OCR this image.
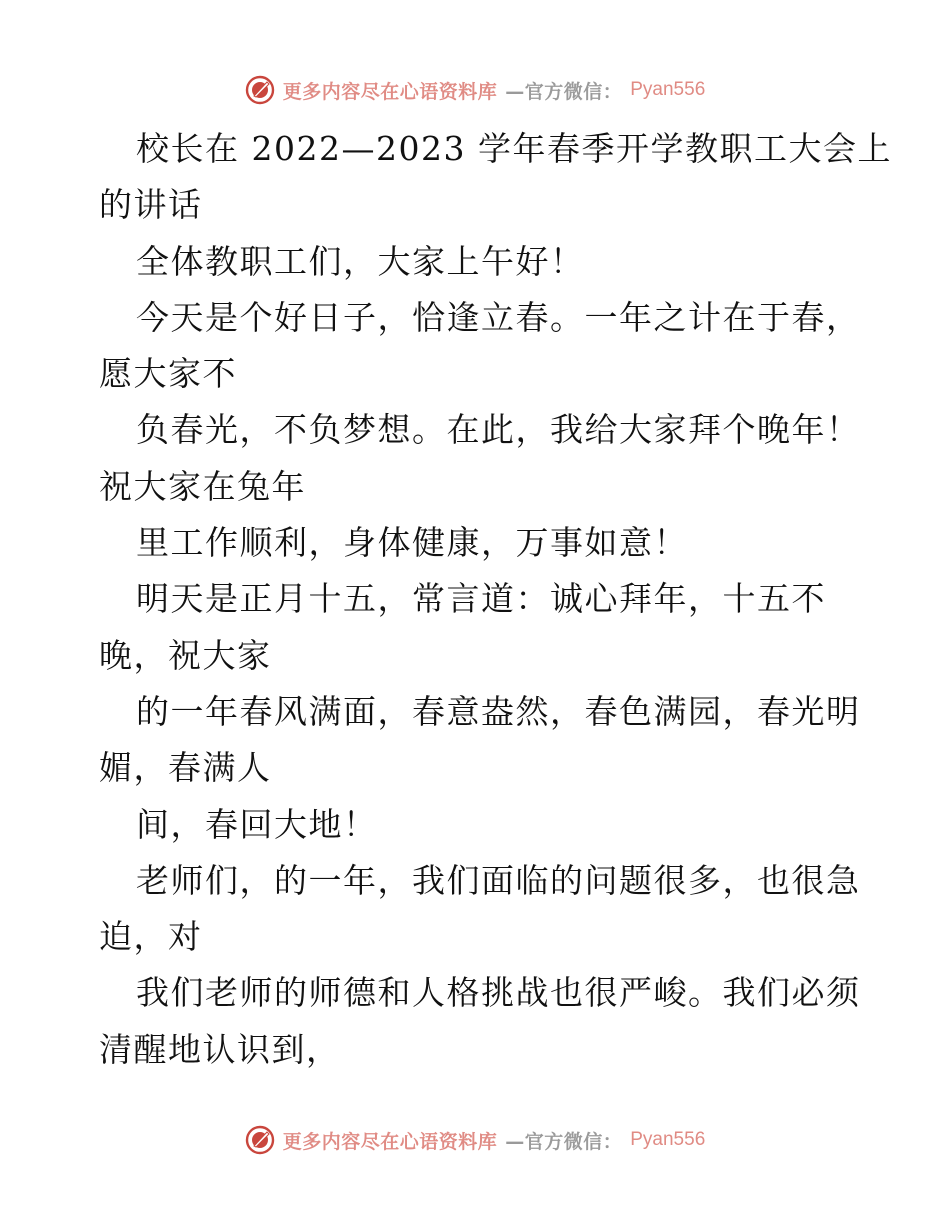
更多内容尽在心语资料库 —官方微信： Pyan556
校长在 2022—2023 学年春季开学教职工大会上
的讲话
全体教职工们，大家上午好！
今天是个好日子，恰逢立春。一年之计在于春，
愿大家不
负春光，不负梦想。在此，我给大家拜个晚年！
祝大家在兔年
里工作顺利，身体健康，万事如意！
明天是正月十五，常言道：诚心拜年，十五不
晚，祝大家
的一年春风满面，春意盎然，春色满园，春光明
媚，春满人
间，春回大地！
老师们，的一年，我们面临的问题很多，也很急
迫，对
我们老师的师德和人格挑战也很严峻。我们必须
清醒地认识到，
更多内容尽在心语资料库 —官方微信： Pyan556
